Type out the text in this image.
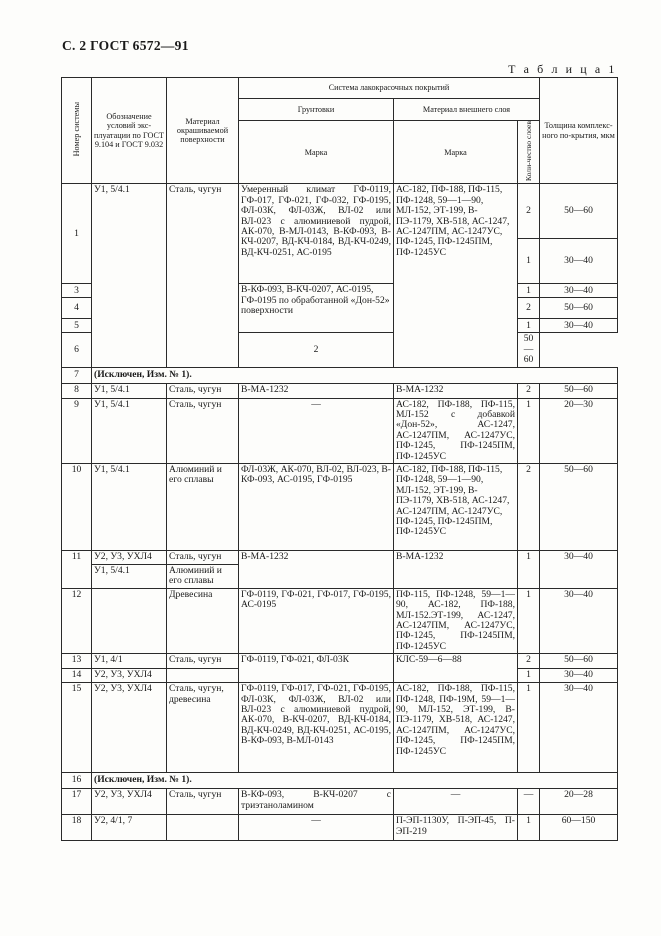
С. 2 ГОСТ 6572—91
Т а б л и ц а 1
Номер системы	Обозначение условий экс-плуатации по ГОСТ 9.104 и ГОСТ 9.032	Материал окрашиваемой поверхности	Система лакокрасочных покрытий			Толщина комплекс-ного по-крытия, мкм
			Грунтовки	Материал внешнего слоя		
			Марка	Марка	Коли-чество слоев	
1	У1, 5/4.1	Сталь, чугун	Умеренный климат ГФ-0119, ГФ-017, ГФ-021, ГФ-032, ГФ-0195, ФЛ-03К, ФЛ-03Ж, ВЛ-02 или ВЛ-023 с алюминиевой пудрой, АК-070, В-МЛ-0143, В-КФ-093, В-КЧ-0207, ВД-КЧ-0184, ВД-КЧ-0249, ВД-КЧ-0251, АС-0195	АС-182, ПФ-188, ПФ-115, ПФ-1248, 59—1—90, МЛ-152, ЭТ-199, В-ПЭ-1179, ХВ-518, АС-1247, АС-1247ПМ, АС-1247УС, ПФ-1245, ПФ-1245ПМ, ПФ-1245УС	2	50—60
					1	30—40
3			В-КФ-093, В-КЧ-0207, АС-0195, ГФ-0195 по обработанной «Дон-52» поверхности		1	30—40
4					2	50—60
5					1	30—40
6			2		50—60	
7	(Исключен, Изм. № 1).					
8	У1, 5/4.1	Сталь, чугун	В-МА-1232	В-МА-1232	2	50—60
9	У1, 5/4.1	Сталь, чугун	—	АС-182, ПФ-188, ПФ-115, МЛ-152 с добавкой «Дон-52», АС-1247, АС-1247ПМ, АС-1247УС, ПФ-1245, ПФ-1245ПМ, ПФ-1245УС	1	20—30
10	У1, 5/4.1	Алюминий и его сплавы	ФЛ-03Ж, АК-070, ВЛ-02, ВЛ-023, В-КФ-093, АС-0195, ГФ-0195	АС-182, ПФ-188, ПФ-115, ПФ-1248, 59—1—90, МЛ-152, ЭТ-199, В-ПЭ-1179, ХВ-518, АС-1247, АС-1247ПМ, АС-1247УС, ПФ-1245, ПФ-1245ПМ, ПФ-1245УС	2	50—60
11	У2, У3, УХЛ4	Сталь, чугун	В-МА-1232	В-МА-1232	1	30—40
	У1, 5/4.1	Алюминий и его сплавы				
12		Древесина	ГФ-0119, ГФ-021, ГФ-017, ГФ-0195, АС-0195	ПФ-115, ПФ-1248, 59—1—90, АС-182, ПФ-188, МЛ-152.ЭТ-199, АС-1247, АС-1247ПМ, АС-1247УС, ПФ-1245, ПФ-1245ПМ, ПФ-1245УС	1	30—40
13	У1, 4/1	Сталь, чугун	ГФ-0119, ГФ-021, ФЛ-03К	КЛС-59—6—88	2	50—60
14	У2, У3, УХЛ4				1	30—40
15	У2, У3, УХЛ4	Сталь, чугун, древесина	ГФ-0119, ГФ-017, ГФ-021, ГФ-0195, ФЛ-03К, ФЛ-03Ж, ВЛ-02 или ВЛ-023 с алюминиевой пудрой, АК-070, В-КЧ-0207, ВД-КЧ-0184, ВД-КЧ-0249, ВД-КЧ-0251, АС-0195, В-КФ-093, В-МЛ-0143	АС-182, ПФ-188, ПФ-115, ПФ-1248, ПФ-19М, 59—1—90, МЛ-152, ЭТ-199, В-ПЭ-1179, ХВ-518, АС-1247, АС-1247ПМ, АС-1247УС, ПФ-1245, ПФ-1245ПМ, ПФ-1245УС	1	30—40
16	(Исключен, Изм. № 1).					
17	У2, У3, УХЛ4	Сталь, чугун	В-КФ-093, В-КЧ-0207 с триэтаноламином	—	—	20—28
18	У2, 4/1, 7		—	П-ЭП-1130У, П-ЭП-45, П-ЭП-219	1	60—150
